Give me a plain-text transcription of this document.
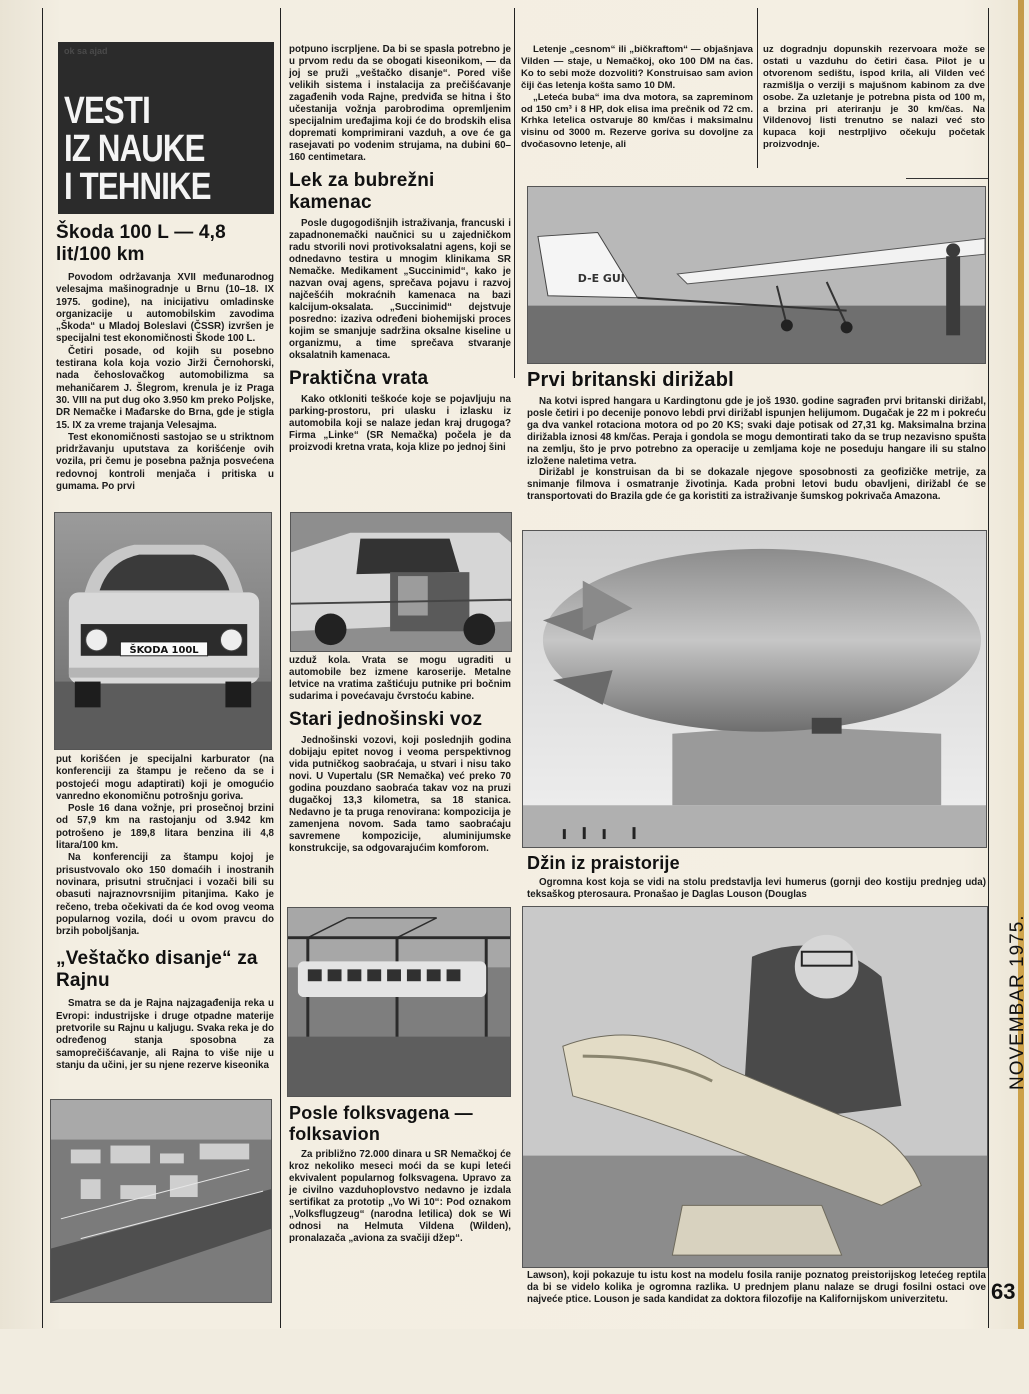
ok sa ajad
VESTI
IZ NAUKE
I TEHNIKE
Škoda 100 L — 4,8 lit/100 km

Povodom održavanja XVII međunarodnog velesajma mašinogradnje u Brnu (10–18. IX 1975. godine), na inicijativu omladinske organizacije u automobilskim zavodima „Škoda“ u Mladoj Boleslavi (ČSSR) izvršen je specijalni test ekonomičnosti Škode 100 L.

Četiri posade, od kojih su posebno testirana kola koja vozio Jirži Černohorski, nada čehoslovačkog automobilizma sa mehaničarem J. Šlegrom, krenula je iz Praga 30. VIII na put dug oko 3.950 km preko Poljske, DR Nemačke i Mađarske do Brna, gde je stigla 15. IX za vreme trajanja Velesajma.

Test ekonomičnosti sastojao se u striktnom pridržavanju uputstava za korišćenje ovih vozila, pri čemu je posebna pažnja posvećena redovnoj kontroli menjača i pritiska u gumama. Po prvi

ŠKODA 100L

put korišćen je specijalni karburator (na konferenciji za štampu je rečeno da se i postojeći mogu adaptirati) koji je omogućio vanredno ekonomičnu potrošnju goriva.

Posle 16 dana vožnje, pri prosečnoj brzini od 57,9 km na rastojanju od 3.942 km potrošeno je 189,8 litara benzina ili 4,8 litara/100 km.

Na konferenciji za štampu kojoj je prisustvovalo oko 150 domaćih i inostranih novinara, prisutni stručnjaci i vozači bili su obasuti najraznovrsnijim pitanjima. Kako je rečeno, treba očekivati da će kod ovog veoma popularnog vozila, doći u ovom pravcu do brzih poboljšanja.

„Veštačko disanje“ za Rajnu

Smatra se da je Rajna najzagađenija reka u Evropi: industrijske i druge otpadne materije pretvorile su Rajnu u kaljugu. Svaka reka je do određenog stanja sposobna za samoprečišćavanje, ali Rajna to više nije u stanju da učini, jer su njene rezerve kiseonika

potpuno iscrpljene. Da bi se spasla potrebno je u prvom redu da se obogati kiseonikom, — da joj se pruži „veštačko disanje“. Pored više velikih sistema i instalacija za prečišćavanje zagađenih voda Rajne, predviđa se hitna i što učestanija vožnja parobrodima opremljenim specijalnim uređajima koji će do brodskih elisa dopremati komprimirani vazduh, a ove će ga rasejavati po vodenim strujama, na dubini 60–160 centimetara.

Lek za bubrežni kamenac

Posle dugogodišnjih istraživanja, francuski i zapadnonemački naučnici su u zajedničkom radu stvorili novi protivoksalatni agens, koji se odnedavno testira u mnogim klinikama SR Nemačke. Medikament „Succinimid“, kako je nazvan ovaj agens, sprečava pojavu i razvoj najčešćih mokraćnih kamenaca na bazi kalcijum-oksalata. „Succinimid“ dejstvuje posredno: izaziva određeni biohemijski proces kojim se smanjuje sadržina oksalne kiseline u organizmu, a time sprečava stvaranje oksalatnih kamenaca.

Praktična vrata

Kako otkloniti teškoće koje se pojavljuju na parking-prostoru, pri ulasku i izlasku iz automobila koji se nalaze jedan kraj drugoga? Firma „Linke“ (SR Nemačka) počela je da proizvodi kretna vrata, koja klize po jednoj šini

uzduž kola. Vrata se mogu ugraditi u automobile bez izmene karoserije. Metalne letvice na vratima zaštićuju putnike pri bočnim sudarima i povećavaju čvrstoću kabine.

Stari jednošinski voz

Jednošinski vozovi, koji poslednjih godina dobijaju epitet novog i veoma perspektivnog vida putničkog saobraćaja, u stvari i nisu tako novi. U Vupertalu (SR Nemačka) već preko 70 godina pouzdano saobraća takav voz na pruzi dugačkoj 13,3 kilometra, sa 18 stanica. Nedavno je ta pruga renovirana: kompozicija je zamenjena novom. Sada tamo saobraćaju savremene kompozicije, aluminijumske konstrukcije, sa odgovarajućim komforom.

Posle folksvagena — folksavion

Za približno 72.000 dinara u SR Nemačkoj će kroz nekoliko meseci moći da se kupi leteći ekvivalent popularnog folksvagena. Upravo za je civilno vazduhoplovstvo nedavno je izdala sertifikat za prototip „Vo Wi 10“: Pod oznakom „Volksflugzeug“ (narodna letilica) dok se Wi odnosi na Helmuta Vildena (Wilden), pronalazača „aviona za svačiji džep“.

Letenje „cesnom“ ili „bičkraftom“ — objašnjava Vilden — staje, u Nemačkoj, oko 100 DM na čas. Ko to sebi može dozvoliti? Konstruisao sam avion čiji čas letenja košta samo 10 DM.

„Leteća buba“ ima dva motora, sa zapreminom od 150 cm³ i 8 HP, dok elisa ima prečnik od 72 cm. Krhka letelica ostvaruje 80 km/čas i maksimalnu visinu od 3000 m. Rezerve goriva su dovoljne za dvočasovno letenje, ali

uz dogradnju dopunskih rezervoara može se ostati u vazduhu do četiri časa. Pilot je u otvorenom sedištu, ispod krila, ali Vilden već razmišlja o verziji s majušnom kabinom za dve osobe. Za uzletanje je potrebna pista od 100 m, a brzina pri ateriranju je 30 km/čas. Na Vildenovoj listi trenutno se nalazi već sto kupaca koji nestrpljivo očekuju početak proizvodnje.

D-E GUI
Prvi britanski dirižabl

Na kotvi ispred hangara u Kardingtonu gde je još 1930. godine sagrađen prvi britanski dirižabl, posle četiri i po decenije ponovo lebdi prvi dirižabl ispunjen helijumom. Dugačak je 22 m i pokreću ga dva vankel rotaciona motora od po 20 KS; svaki daje potisak od 27,31 kg. Maksimalna brzina dirižabla iznosi 48 km/čas. Peraja i gondola se mogu demontirati tako da se trup nezavisno spušta na zemlju, što je prvo potrebno za operacije u zemljama koje ne poseduju hangare ili su stalno izložene naletima vetra.

Dirižabl je konstruisan da bi se dokazale njegove sposobnosti za geofizičke metrije, za snimanje filmova i osmatranje životinja. Kada probni letovi budu obavljeni, dirižabl će se transportovati do Brazila gde će ga koristiti za istraživanje šumskog pokrivača Amazona.

Džin iz praistorije

Ogromna kost koja se vidi na stolu predstavlja levi humerus (gornji deo kostiju prednjeg uda) teksaškog pterosaura. Pronašao je Daglas Louson (Douglas

Lawson), koji pokazuje tu istu kost na modelu fosila ranije poznatog preistorijskog letećeg reptila da bi se videlo kolika je ogromna razlika. U prednjem planu nalaze se drugi fosilni ostaci ove najveće ptice. Louson je sada kandidat za doktora filozofije na Kalifornijskom univerzitetu.

NOVEMBAR 1975.
63
